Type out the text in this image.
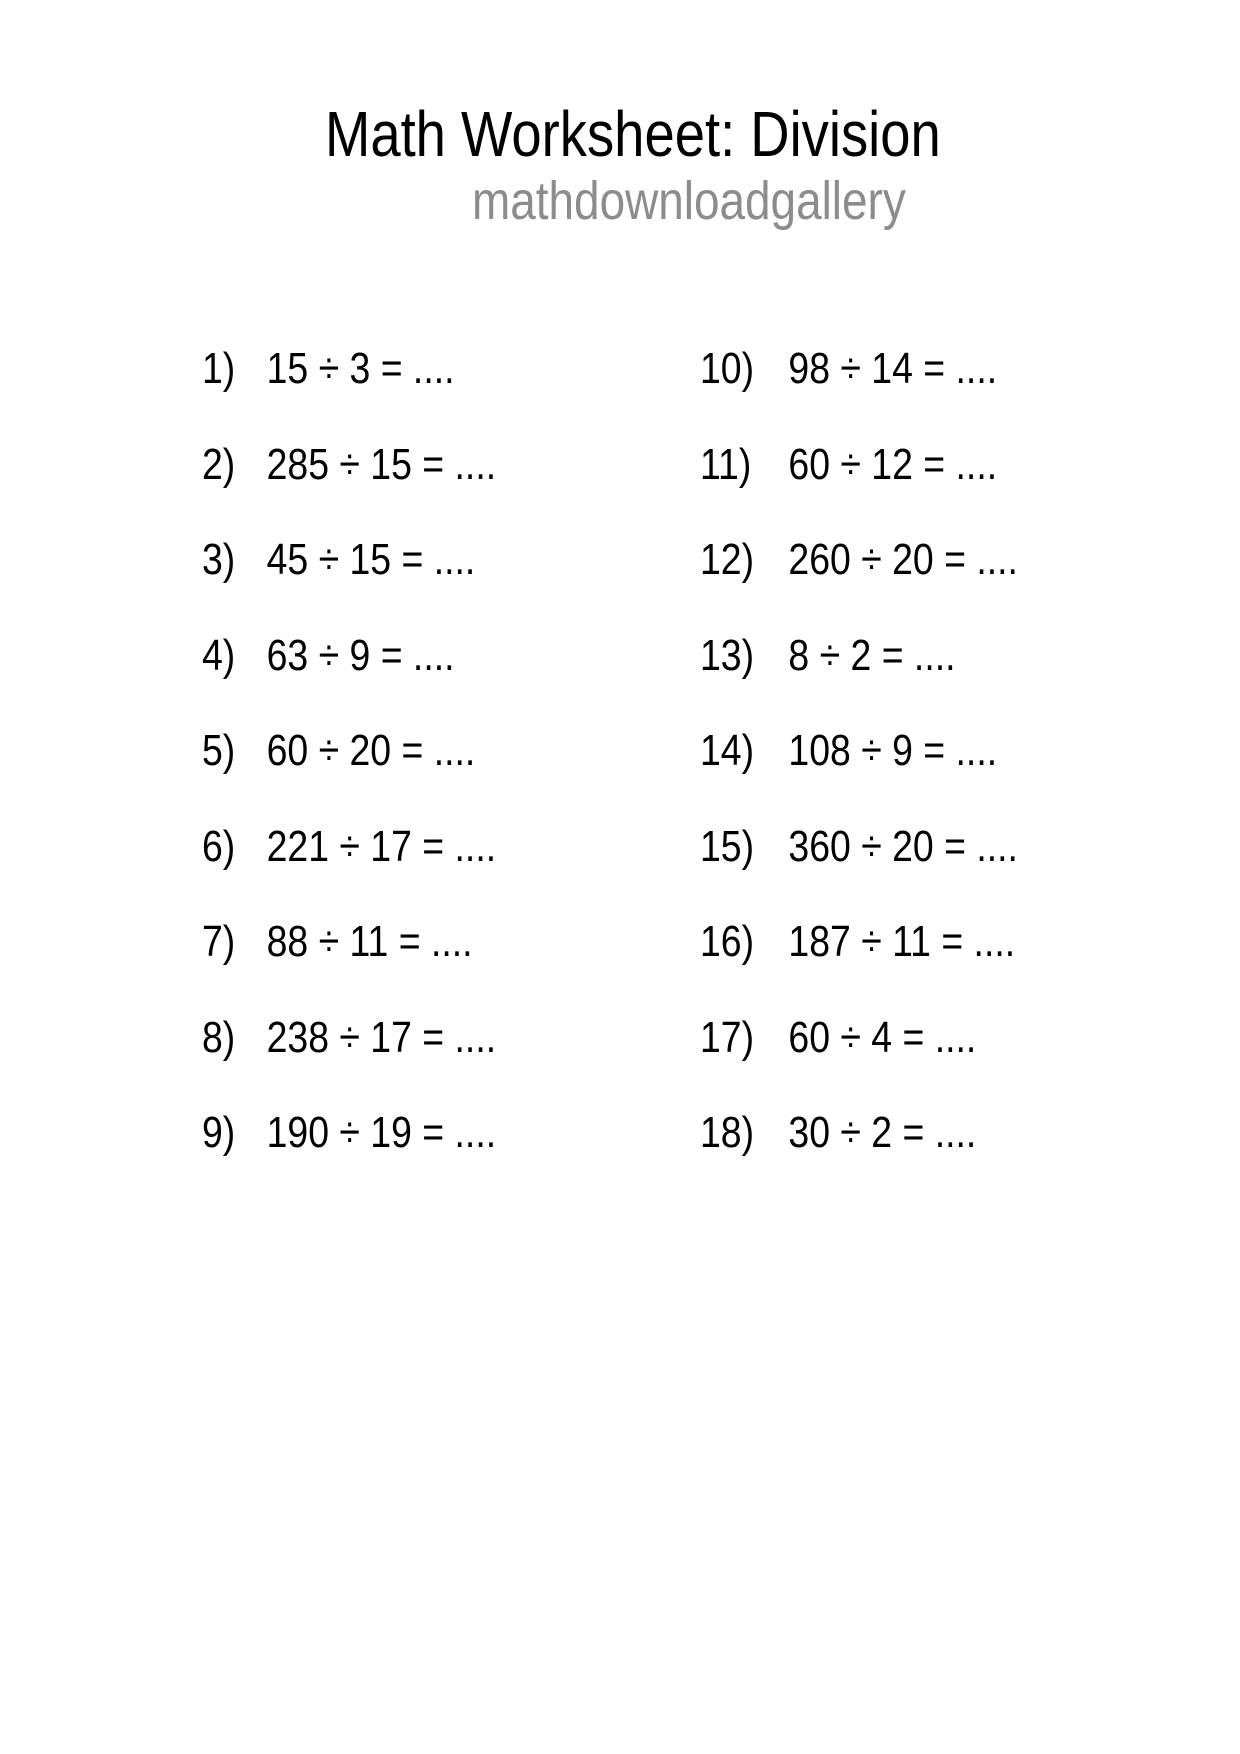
Math Worksheet: Division
mathdownloadgallery
1) 15 ÷ 3 = ....
2) 285 ÷ 15 = ....
3) 45 ÷ 15 = ....
4) 63 ÷ 9 = ....
5) 60 ÷ 20 = ....
6) 221 ÷ 17 = ....
7) 88 ÷ 11 = ....
8) 238 ÷ 17 = ....
9) 190 ÷ 19 = ....
10) 98 ÷ 14 = ....
11) 60 ÷ 12 = ....
12) 260 ÷ 20 = ....
13) 8 ÷ 2 = ....
14) 108 ÷ 9 = ....
15) 360 ÷ 20 = ....
16) 187 ÷ 11 = ....
17) 60 ÷ 4 = ....
18) 30 ÷ 2 = ....
